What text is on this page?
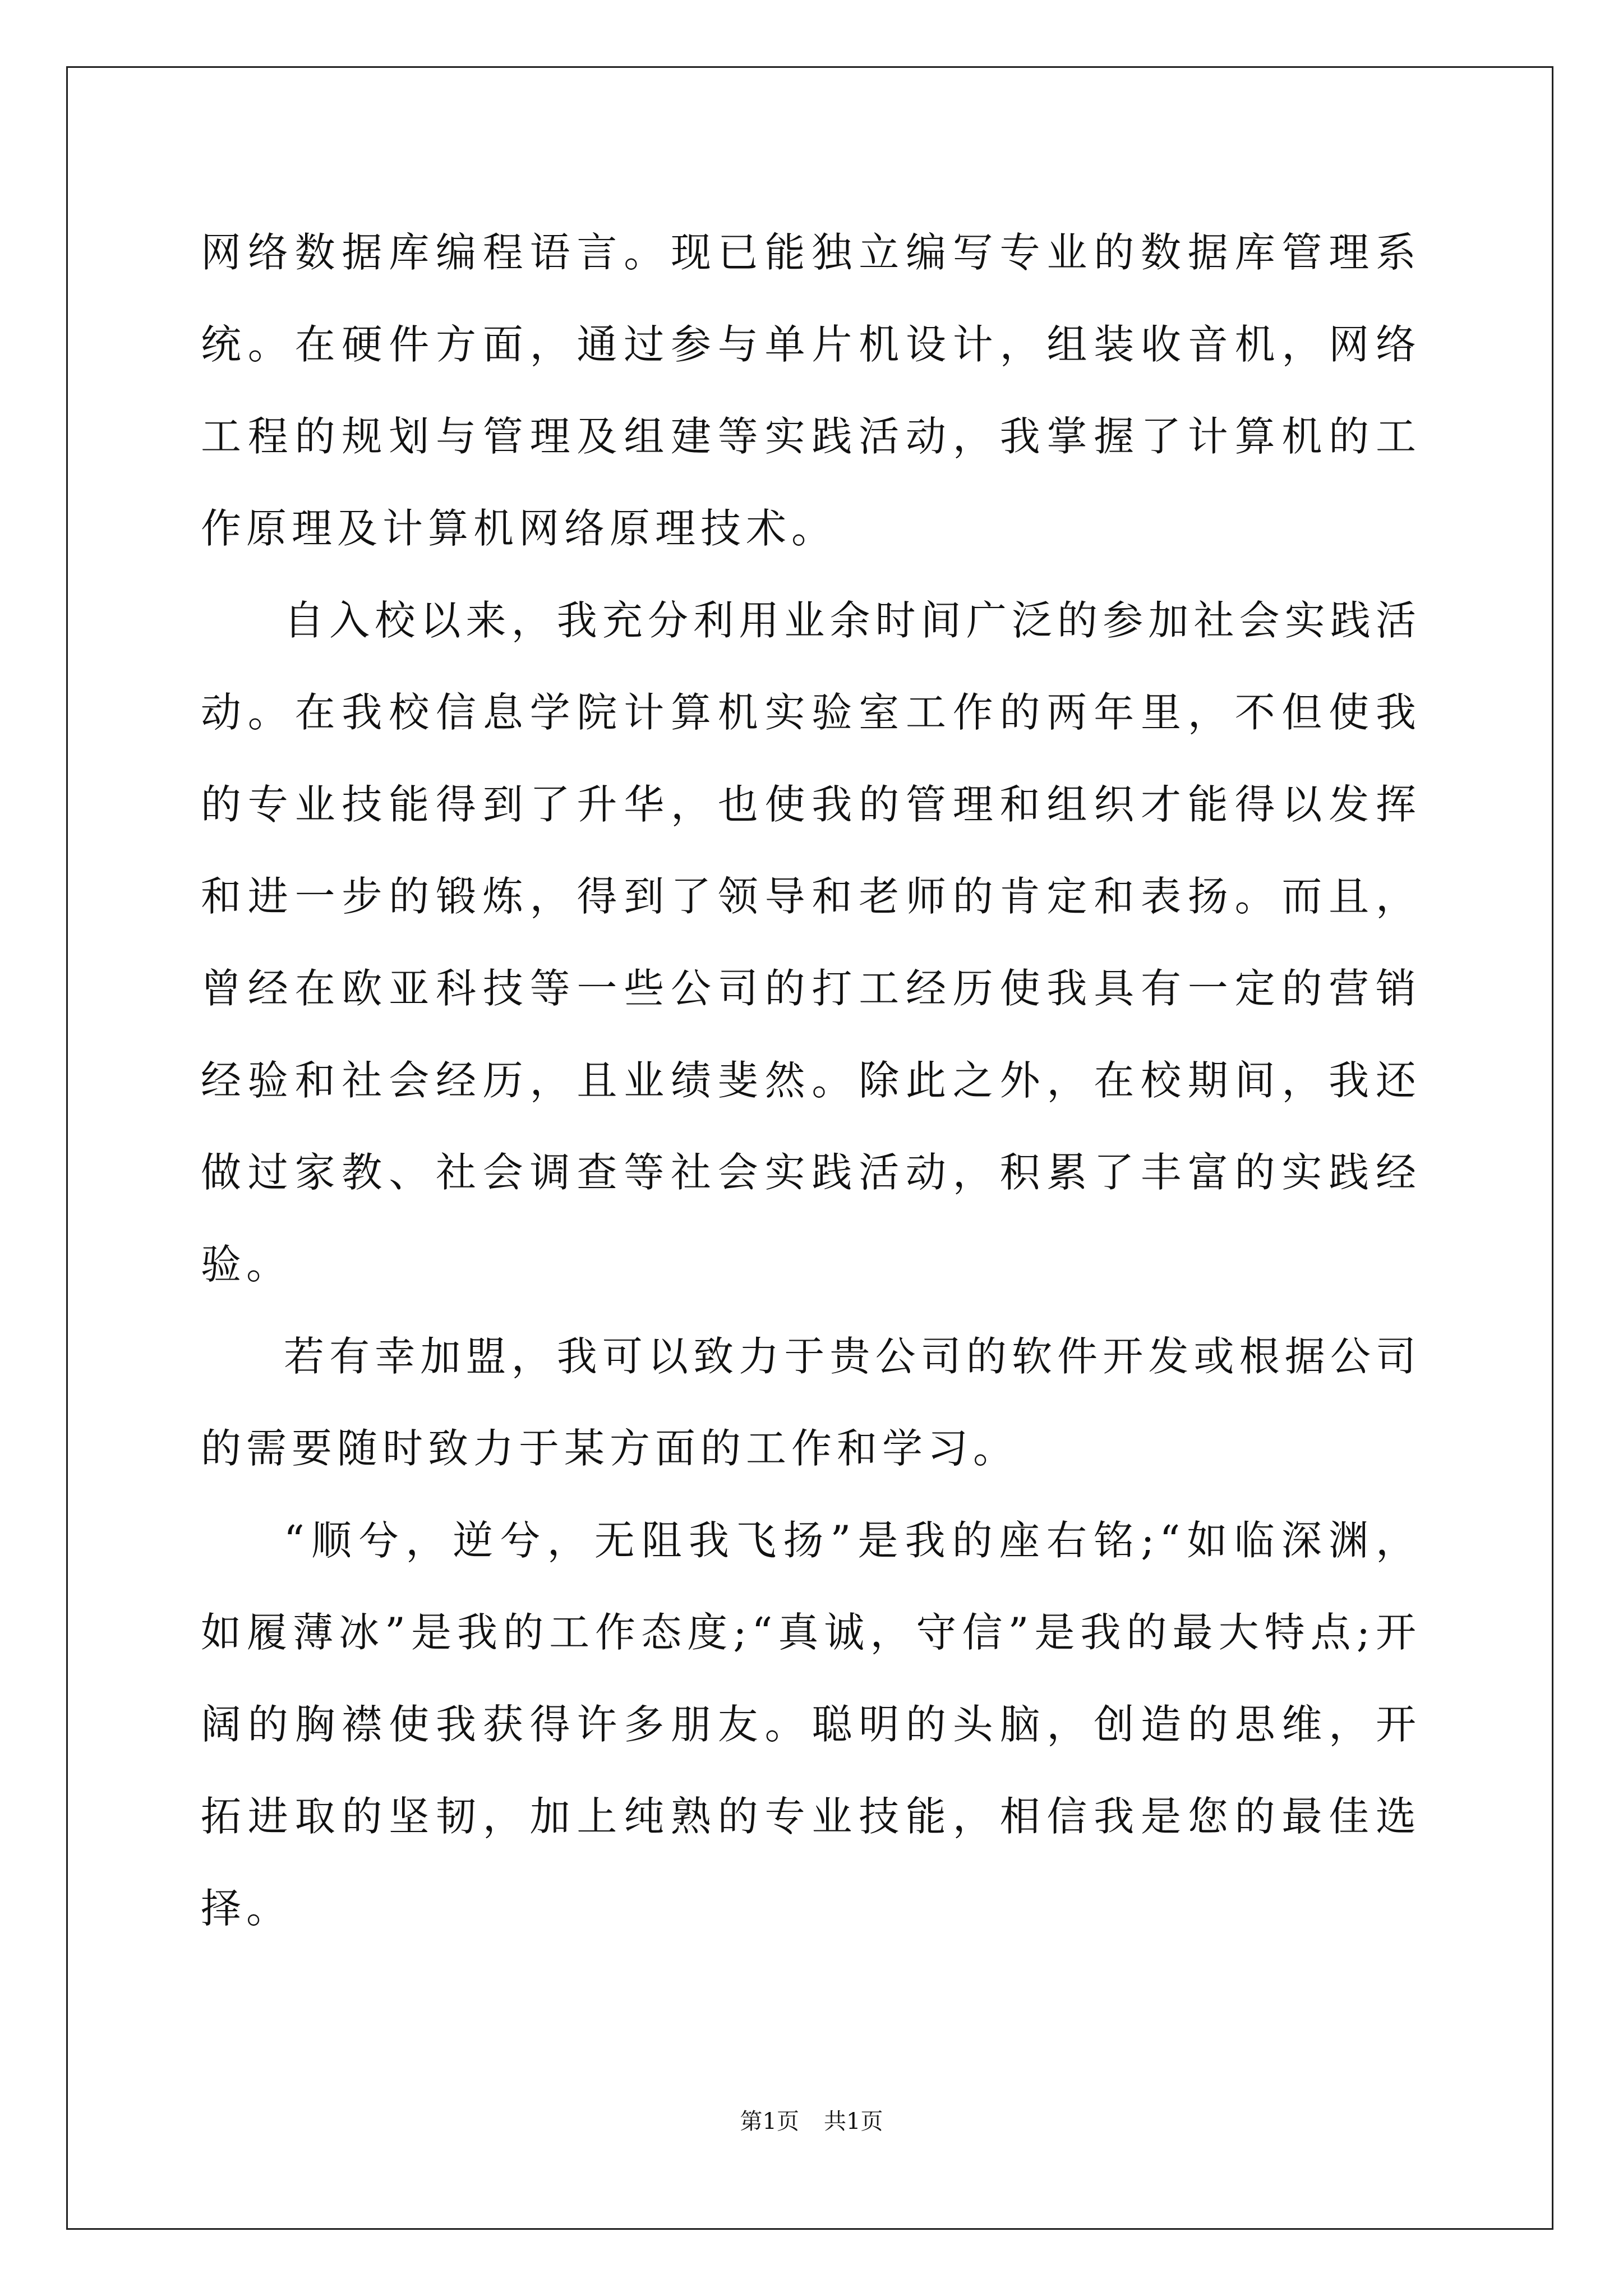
网络数据库编程语言。现已能独立编写专业的数据库管理系统。在硬件方面，通过参与单片机设计，组装收音机，网络工程的规划与管理及组建等实践活动，我掌握了计算机的工作原理及计算机网络原理技术。

自入校以来，我充分利用业余时间广泛的参加社会实践活动。在我校信息学院计算机实验室工作的两年里，不但使我的专业技能得到了升华，也使我的管理和组织才能得以发挥和进一步的锻炼，得到了领导和老师的肯定和表扬。而且，曾经在欧亚科技等一些公司的打工经历使我具有一定的营销经验和社会经历，且业绩斐然。除此之外，在校期间，我还做过家教、社会调查等社会实践活动，积累了丰富的实践经验。

若有幸加盟，我可以致力于贵公司的软件开发或根据公司的需要随时致力于某方面的工作和学习。

“顺兮，逆兮，无阻我飞扬”是我的座右铭;“如临深渊，如履薄冰”是我的工作态度;“真诚，守信”是我的最大特点;开阔的胸襟使我获得许多朋友。聪明的头脑，创造的思维，开拓进取的坚韧，加上纯熟的专业技能，相信我是您的最佳选择。

第1页 共1页
